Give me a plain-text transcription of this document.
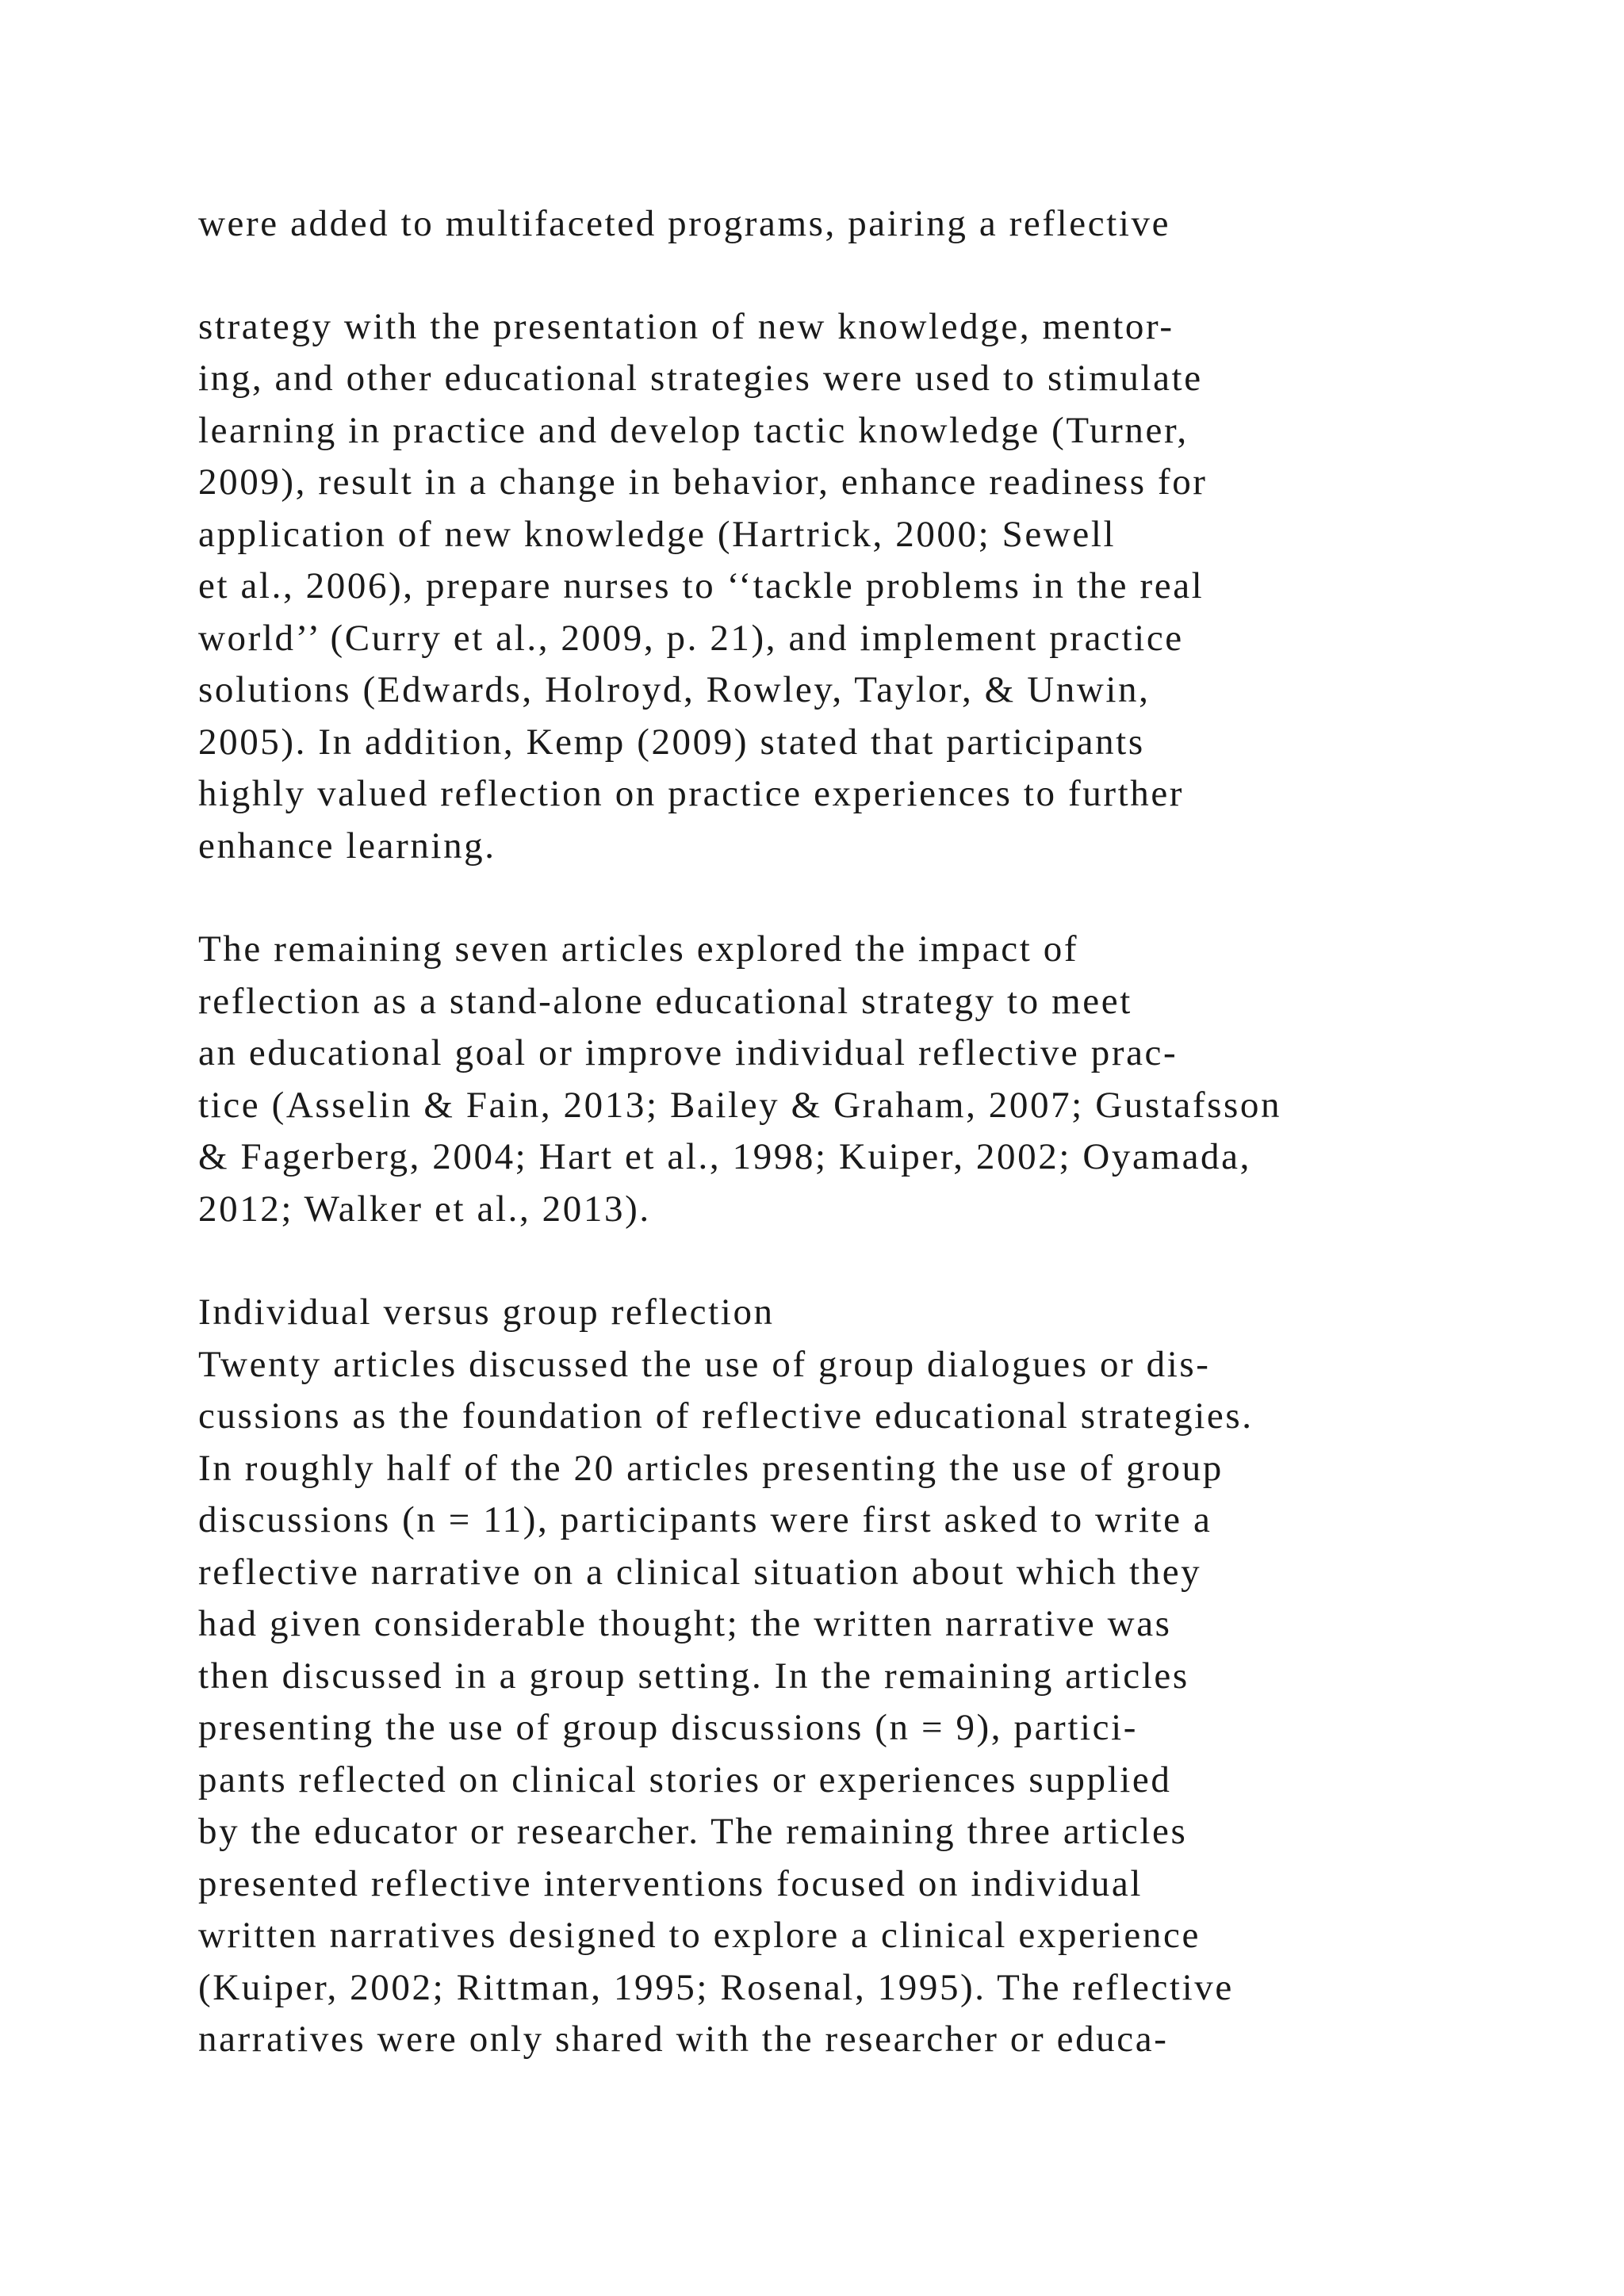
were added to multifaceted programs, pairing a reflective

strategy with the presentation of new knowledge, mentor-

ing, and other educational strategies were used to stimulate

learning in practice and develop tactic knowledge (Turner,

2009), result in a change in behavior, enhance readiness for

application of new knowledge (Hartrick, 2000; Sewell

et al., 2006), prepare nurses to ‘‘tackle problems in the real

world’’ (Curry et al., 2009, p. 21), and implement practice

solutions (Edwards, Holroyd, Rowley, Taylor, & Unwin,

2005). In addition, Kemp (2009) stated that participants

highly valued reflection on practice experiences to further

enhance learning.

The remaining seven articles explored the impact of

reflection as a stand-alone educational strategy to meet

an educational goal or improve individual reflective prac-

tice (Asselin & Fain, 2013; Bailey & Graham, 2007; Gustafsson

& Fagerberg, 2004; Hart et al., 1998; Kuiper, 2002; Oyamada,

2012; Walker et al., 2013).

Individual versus group reflection

Twenty articles discussed the use of group dialogues or dis-

cussions as the foundation of reflective educational strategies.

In roughly half of the 20 articles presenting the use of group

discussions (n = 11), participants were first asked to write a

reflective narrative on a clinical situation about which they

had given considerable thought; the written narrative was

then discussed in a group setting. In the remaining articles

presenting the use of group discussions (n = 9), partici-

pants reflected on clinical stories or experiences supplied

by the educator or researcher. The remaining three articles

presented reflective interventions focused on individual

written narratives designed to explore a clinical experience

(Kuiper, 2002; Rittman, 1995; Rosenal, 1995). The reflective

narratives were only shared with the researcher or educa-
